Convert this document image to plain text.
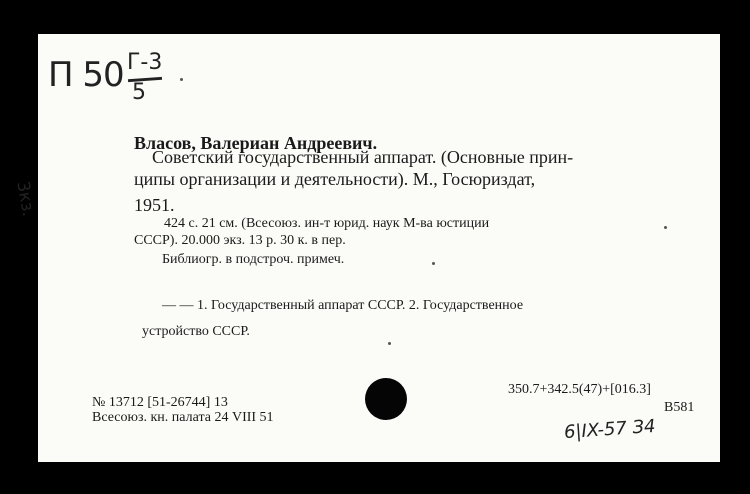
П 50 Г-3
5
3кз.
Власов, Валериан Андреевич.
Советский государственный аппарат. (Основные прин-
ципы организации и деятельности). М., Госюриздат,
1951.
424 с. 21 см. (Всесоюз. ин-т юрид. наук М-ва юстиции
СССР). 20.000 экз. 13 р. 30 к. в пер.
Библиогр. в подстроч. примеч.
— — 1. Государственный аппарат СССР. 2. Государственное
устройство СССР.
№ 13712 [51-26744] 13
Всесоюз. кн. палата 24 VIII 51
350.7+342.5(47)+[016.3]
В581
6|IX-57 З4
